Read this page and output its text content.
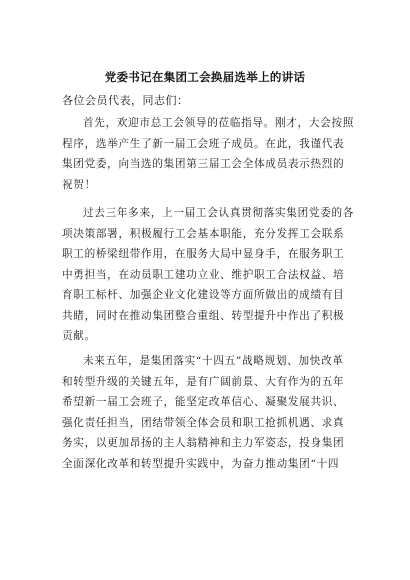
党委书记在集团工会换届选举上的讲话
各位会员代表，同志们：
首先，欢迎市总工会领导的莅临指导。刚才，大会按照
程序，选举产生了新一届工会班子成员。在此，我谨代表
集团党委，向当选的集团第三届工会全体成员表示热烈的
祝贺！
过去三年多来，上一届工会认真贯彻落实集团党委的各
项决策部署，积极履行工会基本职能，充分发挥工会联系
职工的桥梁纽带作用，在服务大局中显身手，在服务职工
中勇担当，在动员职工建功立业、维护职工合法权益、培
育职工标杆、加强企业文化建设等方面所做出的成绩有目
共睹，同时在推动集团整合重组、转型提升中作出了积极
贡献。
未来五年，是集团落实“十四五”战略规划、加快改革
和转型升级的关键五年，是有广阔前景、大有作为的五年
希望新一届工会班子，能坚定改革信心、凝聚发展共识、
强化责任担当，团结带领全体会员和职工抢抓机遇、求真
务实，以更加昂扬的主人翁精神和主力军姿态，投身集团
全面深化改革和转型提升实践中，为奋力推动集团“十四
